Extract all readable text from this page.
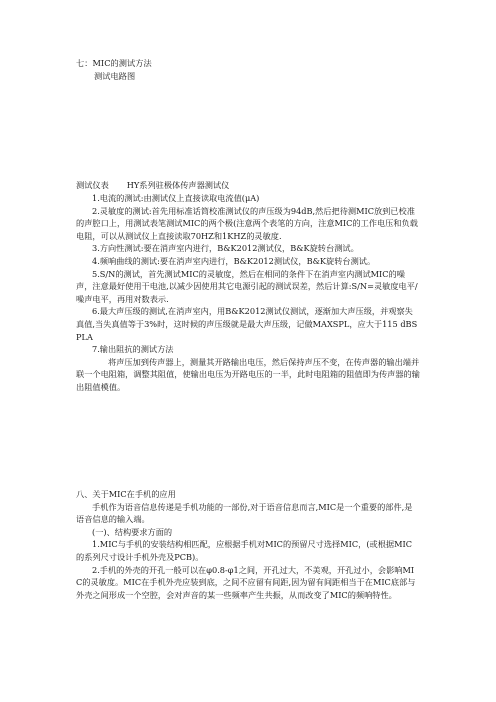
七：MIC的测试方法
测试电路图
测试仪表 HY系列驻极体传声器测试仪

1.电流的测试:由测试仪上直接读取电流值(μA)

2.灵敏度的测试:首先用标准话筒校准测试仪的声压级为94dB,然后把待测MIC放到已校准的声腔口上，用测试表笔测试MIC的两个极(注意两个表笔的方向，注意MIC的工作电压和负载电阻，可以从测试仪上直接读取70HZ和1KHZ的灵敏度.

3.方向性测试:要在消声室内进行，B&K2012测试仪，B&K旋转台测试。

4.频响曲线的测试:要在消声室内进行，B&K2012测试仪，B&K旋转台测试。

5.S/N的测试，首先测试MIC的灵敏度，然后在相同的条件下在消声室内测试MIC的噪声，注意最好使用干电池,以减少因使用其它电源引起的测试误差，然后计算:S/N=灵敏度电平/噪声电平，再用对数表示.

6.最大声压级的测试,在消声室内，用B&K2012测试仪测试，逐渐加大声压级，并观察失真值,当失真值等于3%时，这时候的声压级就是最大声压级，记做MAXSPL，应大于115 dBSPLA

7.输出阻抗的测试方法

将声压加到传声器上，测量其开路输出电压，然后保持声压不变，在传声器的输出端并联一个电阻箱，调整其阻值，使输出电压为开路电压的一半，此时电阻箱的阻值即为传声器的输出阻值模值。

八、关于MIC在手机的应用

手机作为语音信息传递是手机功能的一部份,对于语音信息而言,MIC是一个重要的部件,是语音信息的输入端。

(一)、结构要求方面的

1.MIC与手机的安装结构相匹配，应根据手机对MIC的预留尺寸选择MIC，(或根据MIC的系列尺寸设计手机外壳及PCB)。

2.手机的外壳的开孔一般可以在φ0.8-φ1之间，开孔过大，不美观，开孔过小，会影响MIC的灵敏度。MIC在手机外壳应装到底，之间不应留有间距,因为留有间距相当于在MIC底部与外壳之间形成一个空腔，会对声音的某一些频率产生共振，从而改变了MIC的频响特性。
